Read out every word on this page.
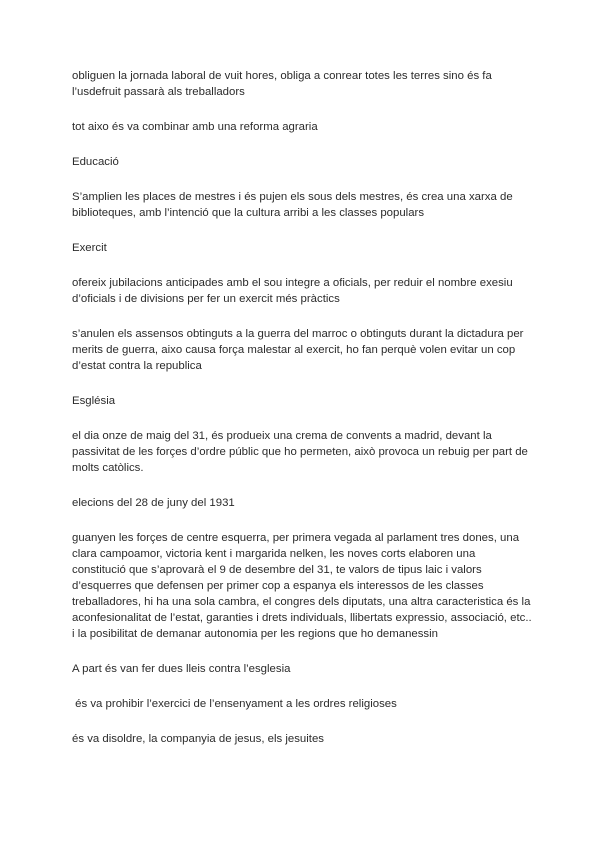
obliguen la jornada laboral de vuit hores, obliga a conrear totes les terres sino és fa l’usdefruit passarà als treballadors

tot aixo és va combinar amb una reforma agraria

Educació

S’amplien les places de mestres i és pujen els sous dels mestres, és crea una xarxa de biblioteques, amb l’intenció que la cultura arribi a les classes populars

Exercit

ofereix jubilacions anticipades amb el sou integre a oficials, per reduir el nombre exesiu d’oficials i de divisions per fer un exercit més pràctics

s’anulen els assensos obtinguts a la guerra del marroc o obtinguts durant la dictadura per merits de guerra, aixo causa força malestar al exercit, ho fan perquè volen evitar un cop d’estat contra la republica

Església

el dia onze de maig del 31, és produeix una crema de convents a madrid, devant la passivitat de les forçes d’ordre públic que ho permeten, això provoca un rebuig per part de molts catòlics.

elecions del 28 de juny del 1931

guanyen les forçes de centre esquerra, per primera vegada al parlament tres dones, una clara campoamor, victoria kent i margarida nelken, les noves corts elaboren una constitució que s’aprovarà el 9 de desembre del 31, te valors de tipus laic i valors d’esquerres que defensen per primer cop a espanya els interessos de les classes treballadores, hi ha una sola cambra, el congres dels diputats, una altra caracteristica és la aconfesionalitat de l’estat, garanties i drets individuals, llibertats expressio, associació, etc.. i la posibilitat de demanar autonomia per les regions que ho demanessin

A part és van fer dues lleis contra l’esglesia

és va prohibir l’exercici de l’ensenyament a les ordres religioses

és va disoldre, la companyia de jesus, els jesuites
